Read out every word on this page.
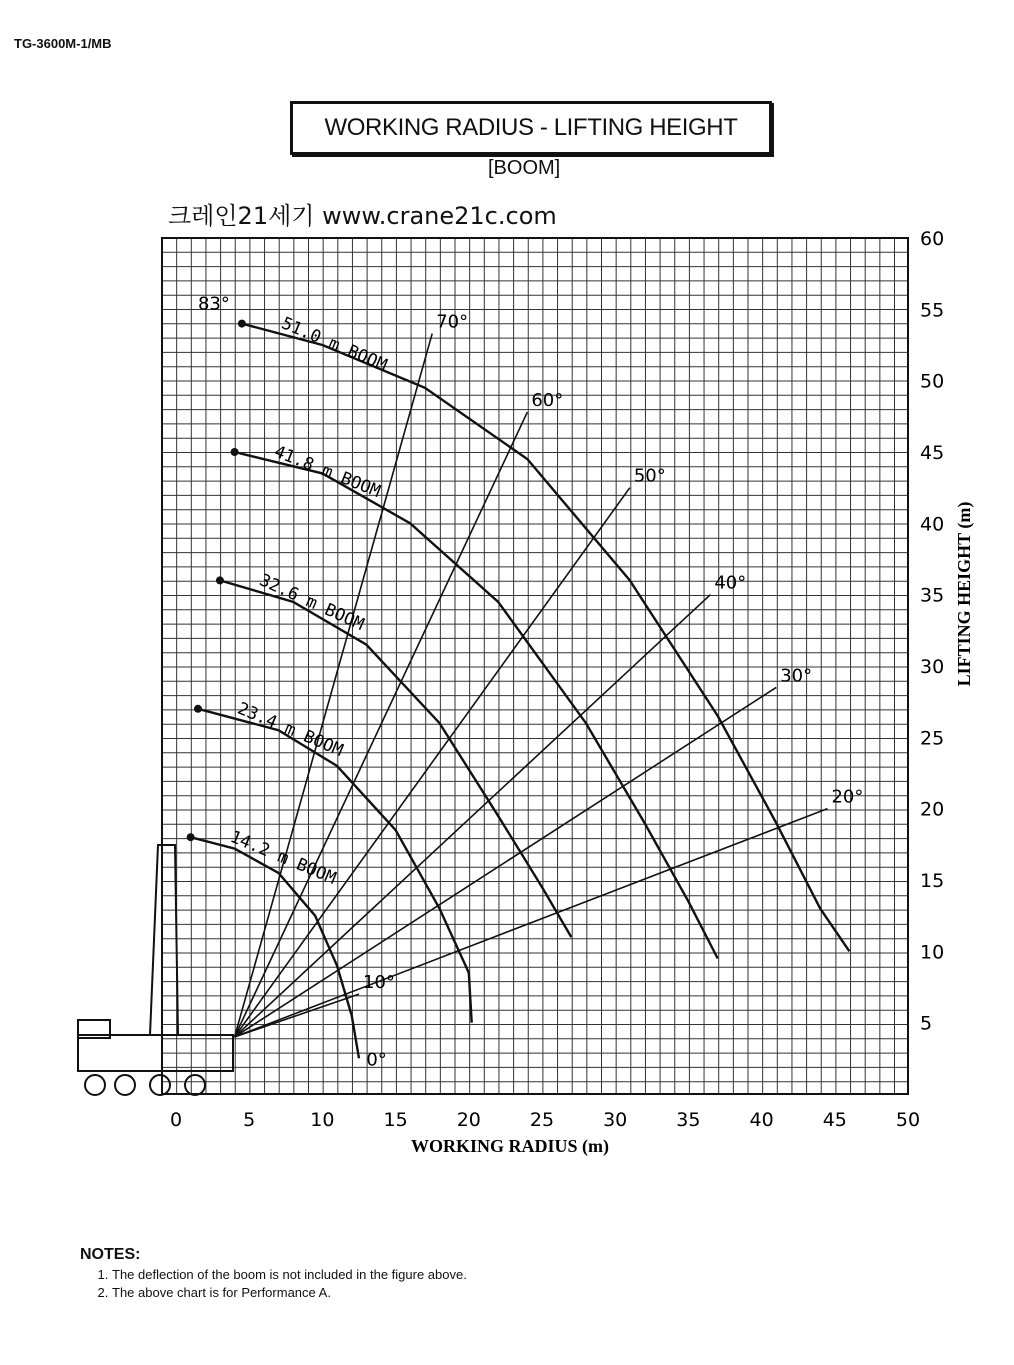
TG-3600M-1/MB
WORKING RADIUS - LIFTING HEIGHT
[BOOM]
크레인21세기 www.crane21c.com
70°
60°
50°
40°
30°
20°
10°
0°
83°
51.0 m BOOM
41.8 m BOOM
32.6 m BOOM
23.4 m BOOM
14.2 m BOOM
0	5	10	15	20	25	30	35	40	45	50
5
10
15
20
25
30
35
40
45
50
55
60
WORKING RADIUS (m)
LIFTING HEIGHT (m)
NOTES:
1. The deflection of the boom is not included in the figure above.
2. The above chart is for Performance A.
